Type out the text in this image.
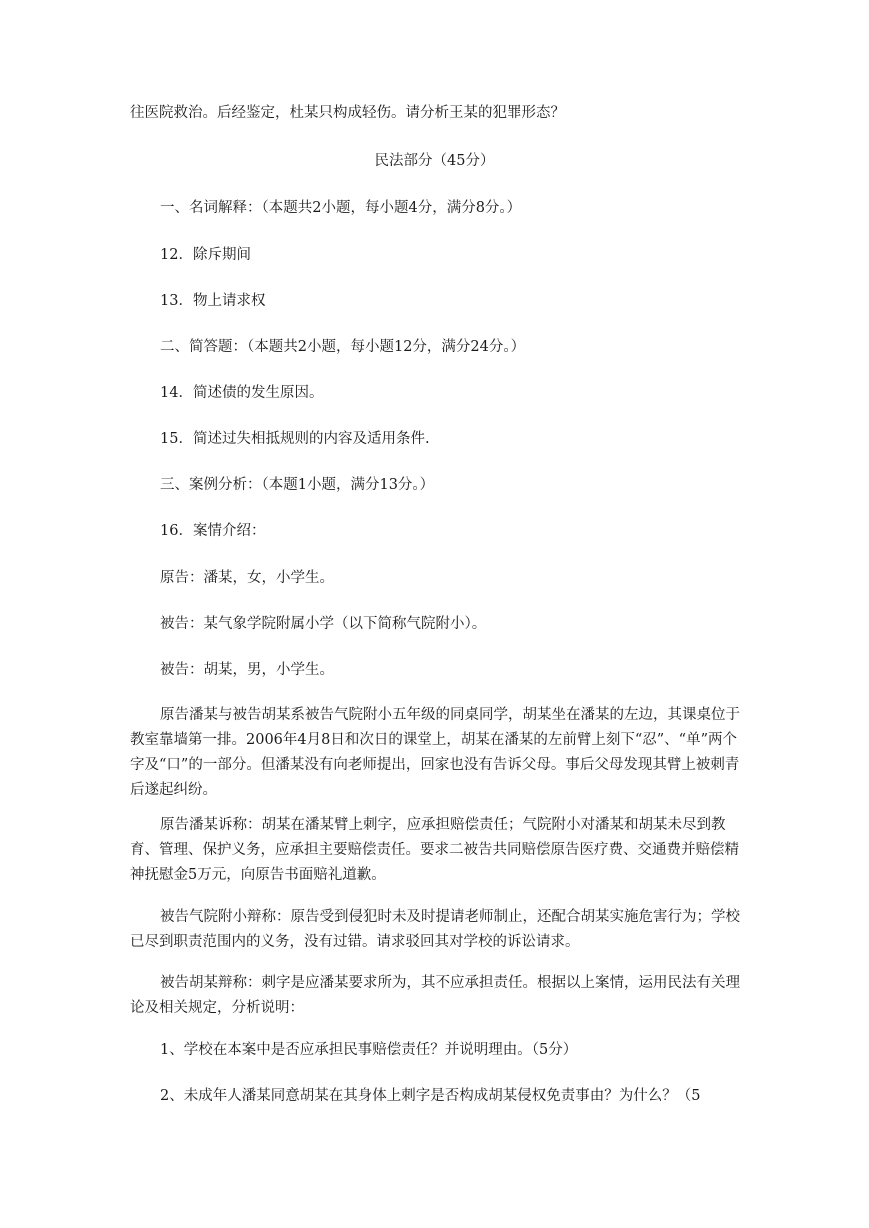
往医院救治。后经鉴定，杜某只构成轻伤。请分析王某的犯罪形态？

民法部分（45分）

一、名词解释：（本题共2小题，每小题4分，满分8分。）

12．除斥期间

13．物上请求权

二、简答题：（本题共2小题，每小题12分，满分24分。）

14．简述债的发生原因。

15．简述过失相抵规则的内容及适用条件.

三、案例分析：（本题1小题，满分13分。）

16．案情介绍：

原告：潘某，女，小学生。

被告：某气象学院附属小学（以下简称气院附小）。

被告：胡某，男，小学生。

原告潘某与被告胡某系被告气院附小五年级的同桌同学，胡某坐在潘某的左边，其课桌位于教室靠墙第一排。2006年4月8日和次日的课堂上，胡某在潘某的左前臂上刻下“忍”、“单”两个字及“口”的一部分。但潘某没有向老师提出，回家也没有告诉父母。事后父母发现其臂上被刺青后遂起纠纷。

原告潘某诉称：胡某在潘某臂上刺字，应承担赔偿责任；气院附小对潘某和胡某未尽到教育、管理、保护义务，应承担主要赔偿责任。要求二被告共同赔偿原告医疗费、交通费并赔偿精神抚慰金5万元，向原告书面赔礼道歉。

被告气院附小辩称：原告受到侵犯时未及时提请老师制止，还配合胡某实施危害行为；学校已尽到职责范围内的义务，没有过错。请求驳回其对学校的诉讼请求。

被告胡某辩称：刺字是应潘某要求所为，其不应承担责任。根据以上案情，运用民法有关理论及相关规定，分析说明：

1、学校在本案中是否应承担民事赔偿责任？并说明理由。（5分）

2、未成年人潘某同意胡某在其身体上刺字是否构成胡某侵权免责事由？为什么？（5
